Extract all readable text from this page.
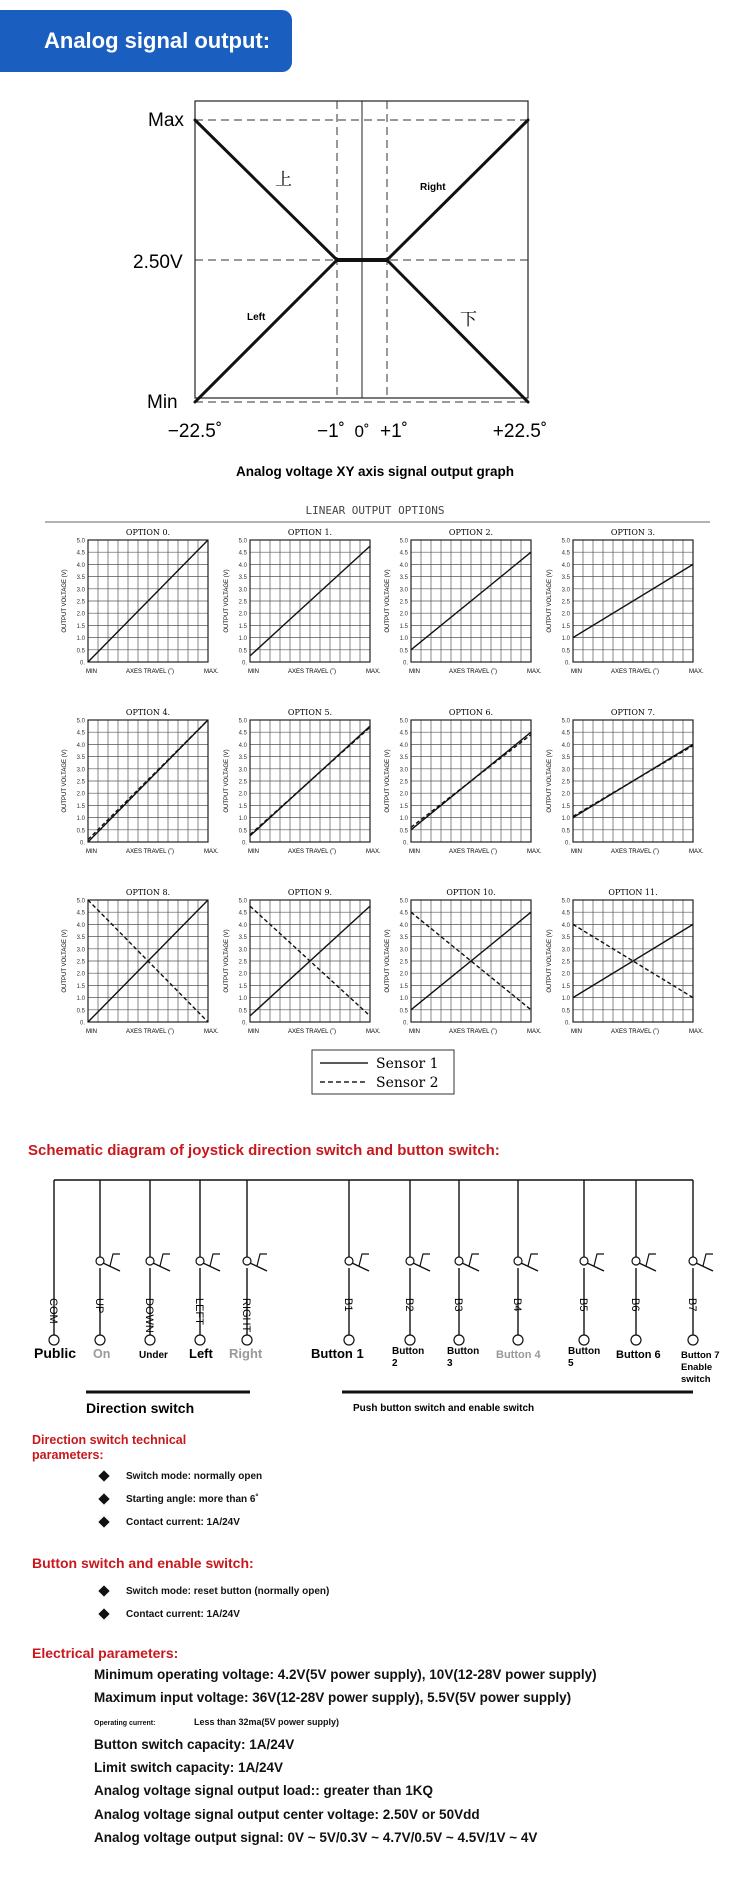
Analog signal output:
Max
2.50V
Min
−22.5˚	−1˚ 0˚ +1˚	+22.5˚
上	Right
Left	下
Analog voltage XY axis signal output graph
LINEAR OUTPUT OPTIONS
OPTION 0.
0.
0.5
1.0
1.5
2.0
2.5
3.0
3.5
4.0
4.5
5.0
OUTPUT VOLTAGE (V)
MIN	AXES TRAVEL (˚)	MAX.
OPTION 1.
0.
0.5
1.0
1.5
2.0
2.5
3.0
3.5
4.0
4.5
5.0
OUTPUT VOLTAGE (V)
MIN	AXES TRAVEL (˚)	MAX.
OPTION 2.
0.
0.5
1.0
1.5
2.0
2.5
3.0
3.5
4.0
4.5
5.0
OUTPUT VOLTAGE (V)
MIN	AXES TRAVEL (˚)	MAX.
OPTION 3.
0.
0.5
1.0
1.5
2.0
2.5
3.0
3.5
4.0
4.5
5.0
OUTPUT VOLTAGE (V)
MIN	AXES TRAVEL (˚)	MAX.
OPTION 4.
0.
0.5
1.0
1.5
2.0
2.5
3.0
3.5
4.0
4.5
5.0
OUTPUT VOLTAGE (V)
MIN	AXES TRAVEL (˚)	MAX.
OPTION 5.
0.
0.5
1.0
1.5
2.0
2.5
3.0
3.5
4.0
4.5
5.0
OUTPUT VOLTAGE (V)
MIN	AXES TRAVEL (˚)	MAX.
OPTION 6.
0.
0.5
1.0
1.5
2.0
2.5
3.0
3.5
4.0
4.5
5.0
OUTPUT VOLTAGE (V)
MIN	AXES TRAVEL (˚)	MAX.
OPTION 7.
0.
0.5
1.0
1.5
2.0
2.5
3.0
3.5
4.0
4.5
5.0
OUTPUT VOLTAGE (V)
MIN	AXES TRAVEL (˚)	MAX.
OPTION 8.
0.
0.5
1.0
1.5
2.0
2.5
3.0
3.5
4.0
4.5
5.0
OUTPUT VOLTAGE (V)
MIN	AXES TRAVEL (˚)	MAX.
OPTION 9.
0.
0.5
1.0
1.5
2.0
2.5
3.0
3.5
4.0
4.5
5.0
OUTPUT VOLTAGE (V)
MIN	AXES TRAVEL (˚)	MAX.
OPTION 10.
0.
0.5
1.0
1.5
2.0
2.5
3.0
3.5
4.0
4.5
5.0
OUTPUT VOLTAGE (V)
MIN	AXES TRAVEL (˚)	MAX.
OPTION 11.
0.
0.5
1.0
1.5
2.0
2.5
3.0
3.5
4.0
4.5
5.0
OUTPUT VOLTAGE (V)
MIN	AXES TRAVEL (˚)	MAX.
Sensor 1
Sensor 2
Schematic diagram of joystick direction switch and button switch:
COM	UP	DOWN	LEFT	RIGHT	B1	B2	B3	B4	B5	B6	B7
Public On	Under Left Right	Button 1	Button
2
Button
3
Button 4	Button
5
Button 6 Button 7
Enable
switch
Direction switch	Push button switch and enable switch
Direction switch technical
parameters:
Switch mode: normally open
Starting angle: more than 6˚
Contact current: 1A/24V
Button switch and enable switch:
Switch mode: reset button (normally open)
Contact current: 1A/24V
Electrical parameters:
Minimum operating voltage: 4.2V(5V power supply), 10V(12-28V power supply)
Maximum input voltage: 36V(12-28V power supply), 5.5V(5V power supply)
Operating current:	Less than 32ma(5V power supply)
Button switch capacity: 1A/24V
Limit switch capacity: 1A/24V
Analog voltage signal output load:: greater than 1KQ
Analog voltage signal output center voltage: 2.50V or 50Vdd
Analog voltage output signal: 0V ~ 5V/0.3V ~ 4.7V/0.5V ~ 4.5V/1V ~ 4V
